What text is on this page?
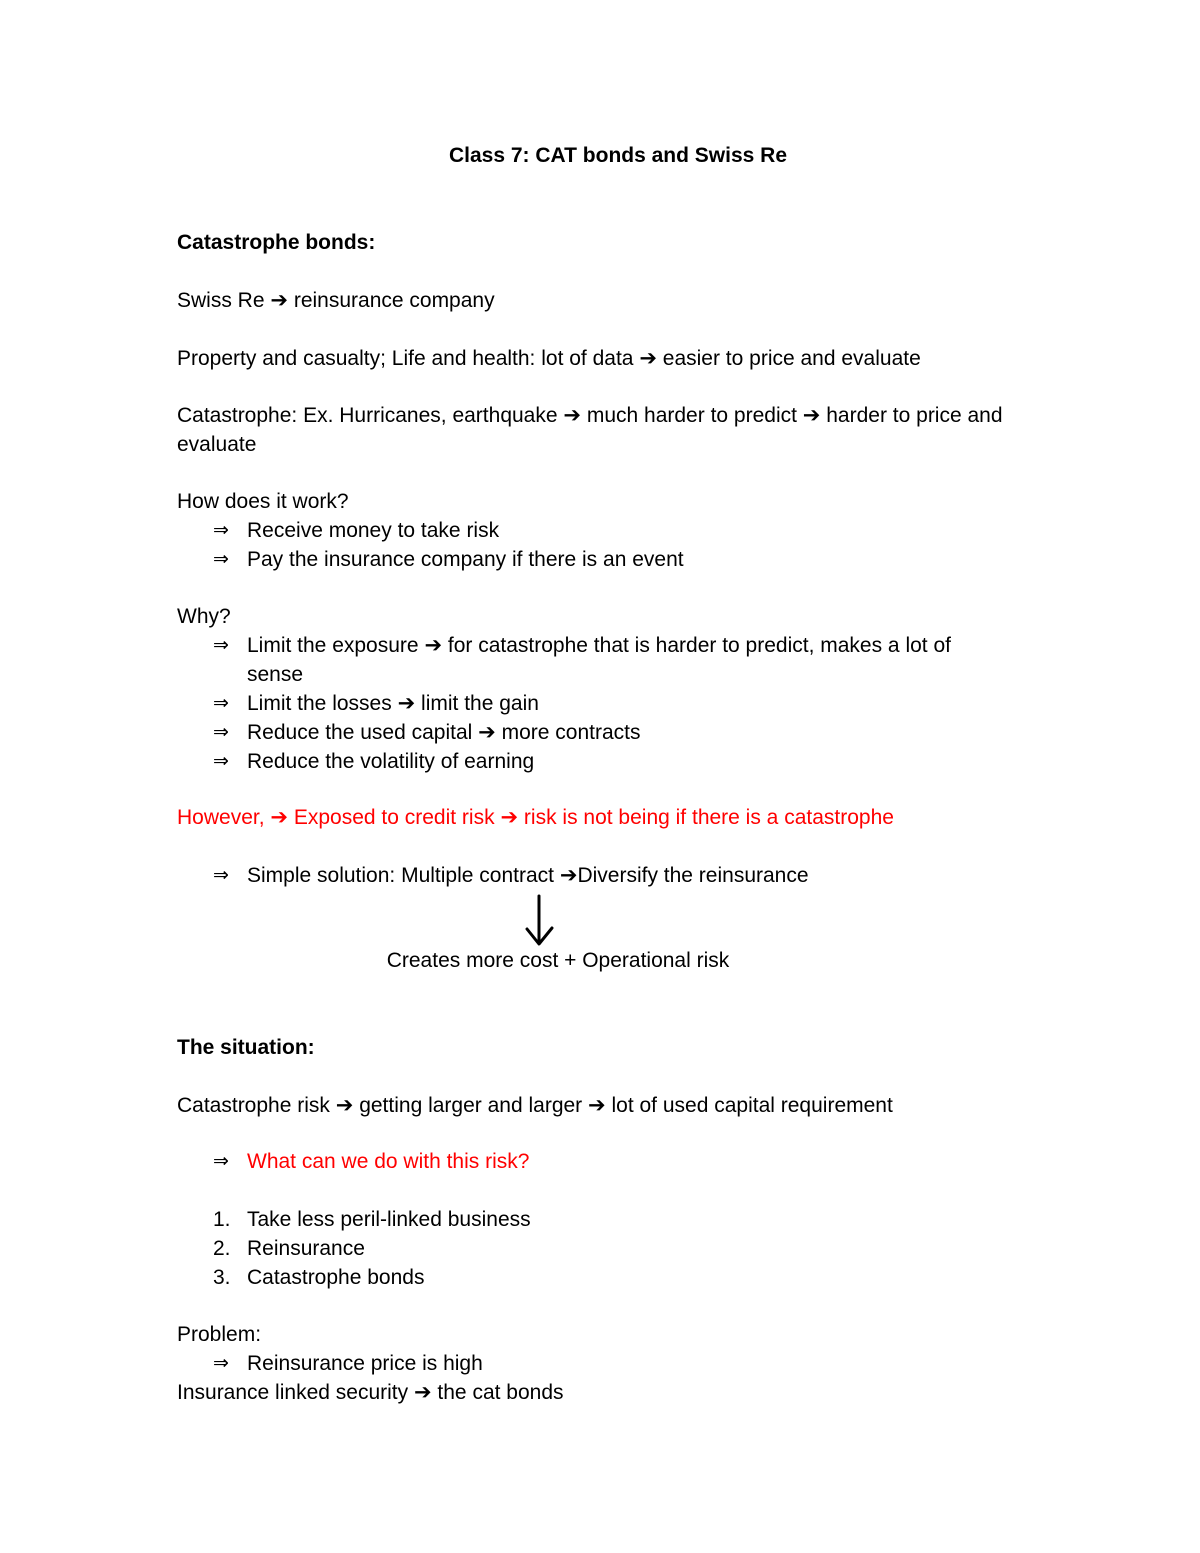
Class 7: CAT bonds and Swiss Re
Catastrophe bonds:
Swiss Re ➔ reinsurance company
Property and casualty; Life and health: lot of data ➔ easier to price and evaluate
Catastrophe: Ex. Hurricanes, earthquake ➔ much harder to predict ➔ harder to price and evaluate
How does it work?
⇒ Receive money to take risk
⇒ Pay the insurance company if there is an event
Why?
⇒ Limit the exposure ➔ for catastrophe that is harder to predict, makes a lot of sense
⇒ Limit the losses ➔ limit the gain
⇒ Reduce the used capital ➔ more contracts
⇒ Reduce the volatility of earning
However, ➔ Exposed to credit risk ➔ risk is not being if there is a catastrophe
⇒ Simple solution: Multiple contract ➔Diversify the reinsurance
Creates more cost + Operational risk
The situation:
Catastrophe risk ➔ getting larger and larger ➔ lot of used capital requirement
⇒ What can we do with this risk?
1. Take less peril-linked business
2. Reinsurance
3. Catastrophe bonds
Problem:
⇒ Reinsurance price is high
Insurance linked security ➔ the cat bonds
